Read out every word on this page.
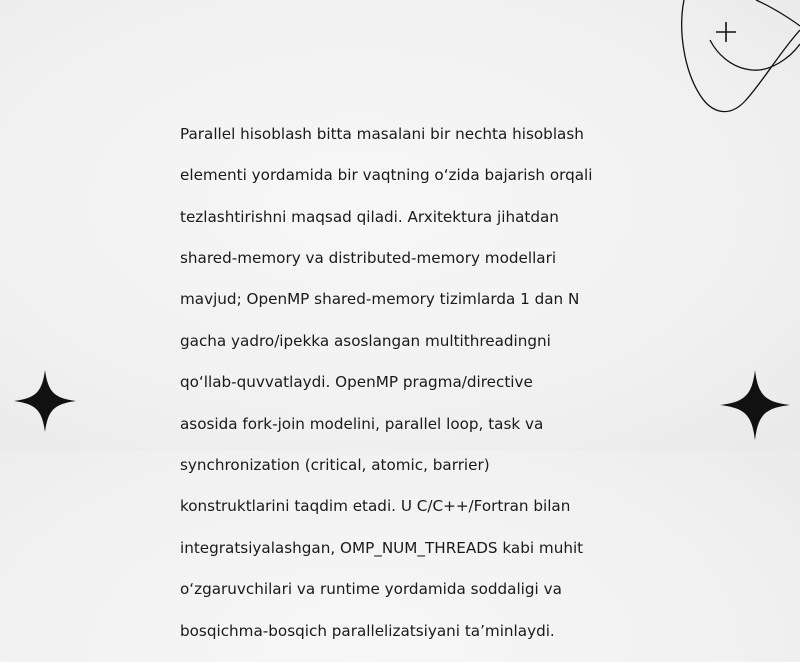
Parallel hisoblash bitta masalani bir nechta hisoblash

elementi yordamida bir vaqtning o‘zida bajarish orqali

tezlashtirishni maqsad qiladi. Arxitektura jihatdan

shared-memory va distributed-memory modellari

mavjud; OpenMP shared-memory tizimlarda 1 dan N

gacha yadro/ipekka asoslangan multithreadingni

qo‘llab-quvvatlaydi. OpenMP pragma/directive

asosida fork-join modelini, parallel loop, task va

synchronization (critical, atomic, barrier)

konstruktlarini taqdim etadi. U C/C++/Fortran bilan

integratsiyalashgan, OMP_NUM_THREADS kabi muhit

o‘zgaruvchilari va runtime yordamida soddaligi va

bosqichma-bosqich parallelizatsiyani ta’minlaydi.
